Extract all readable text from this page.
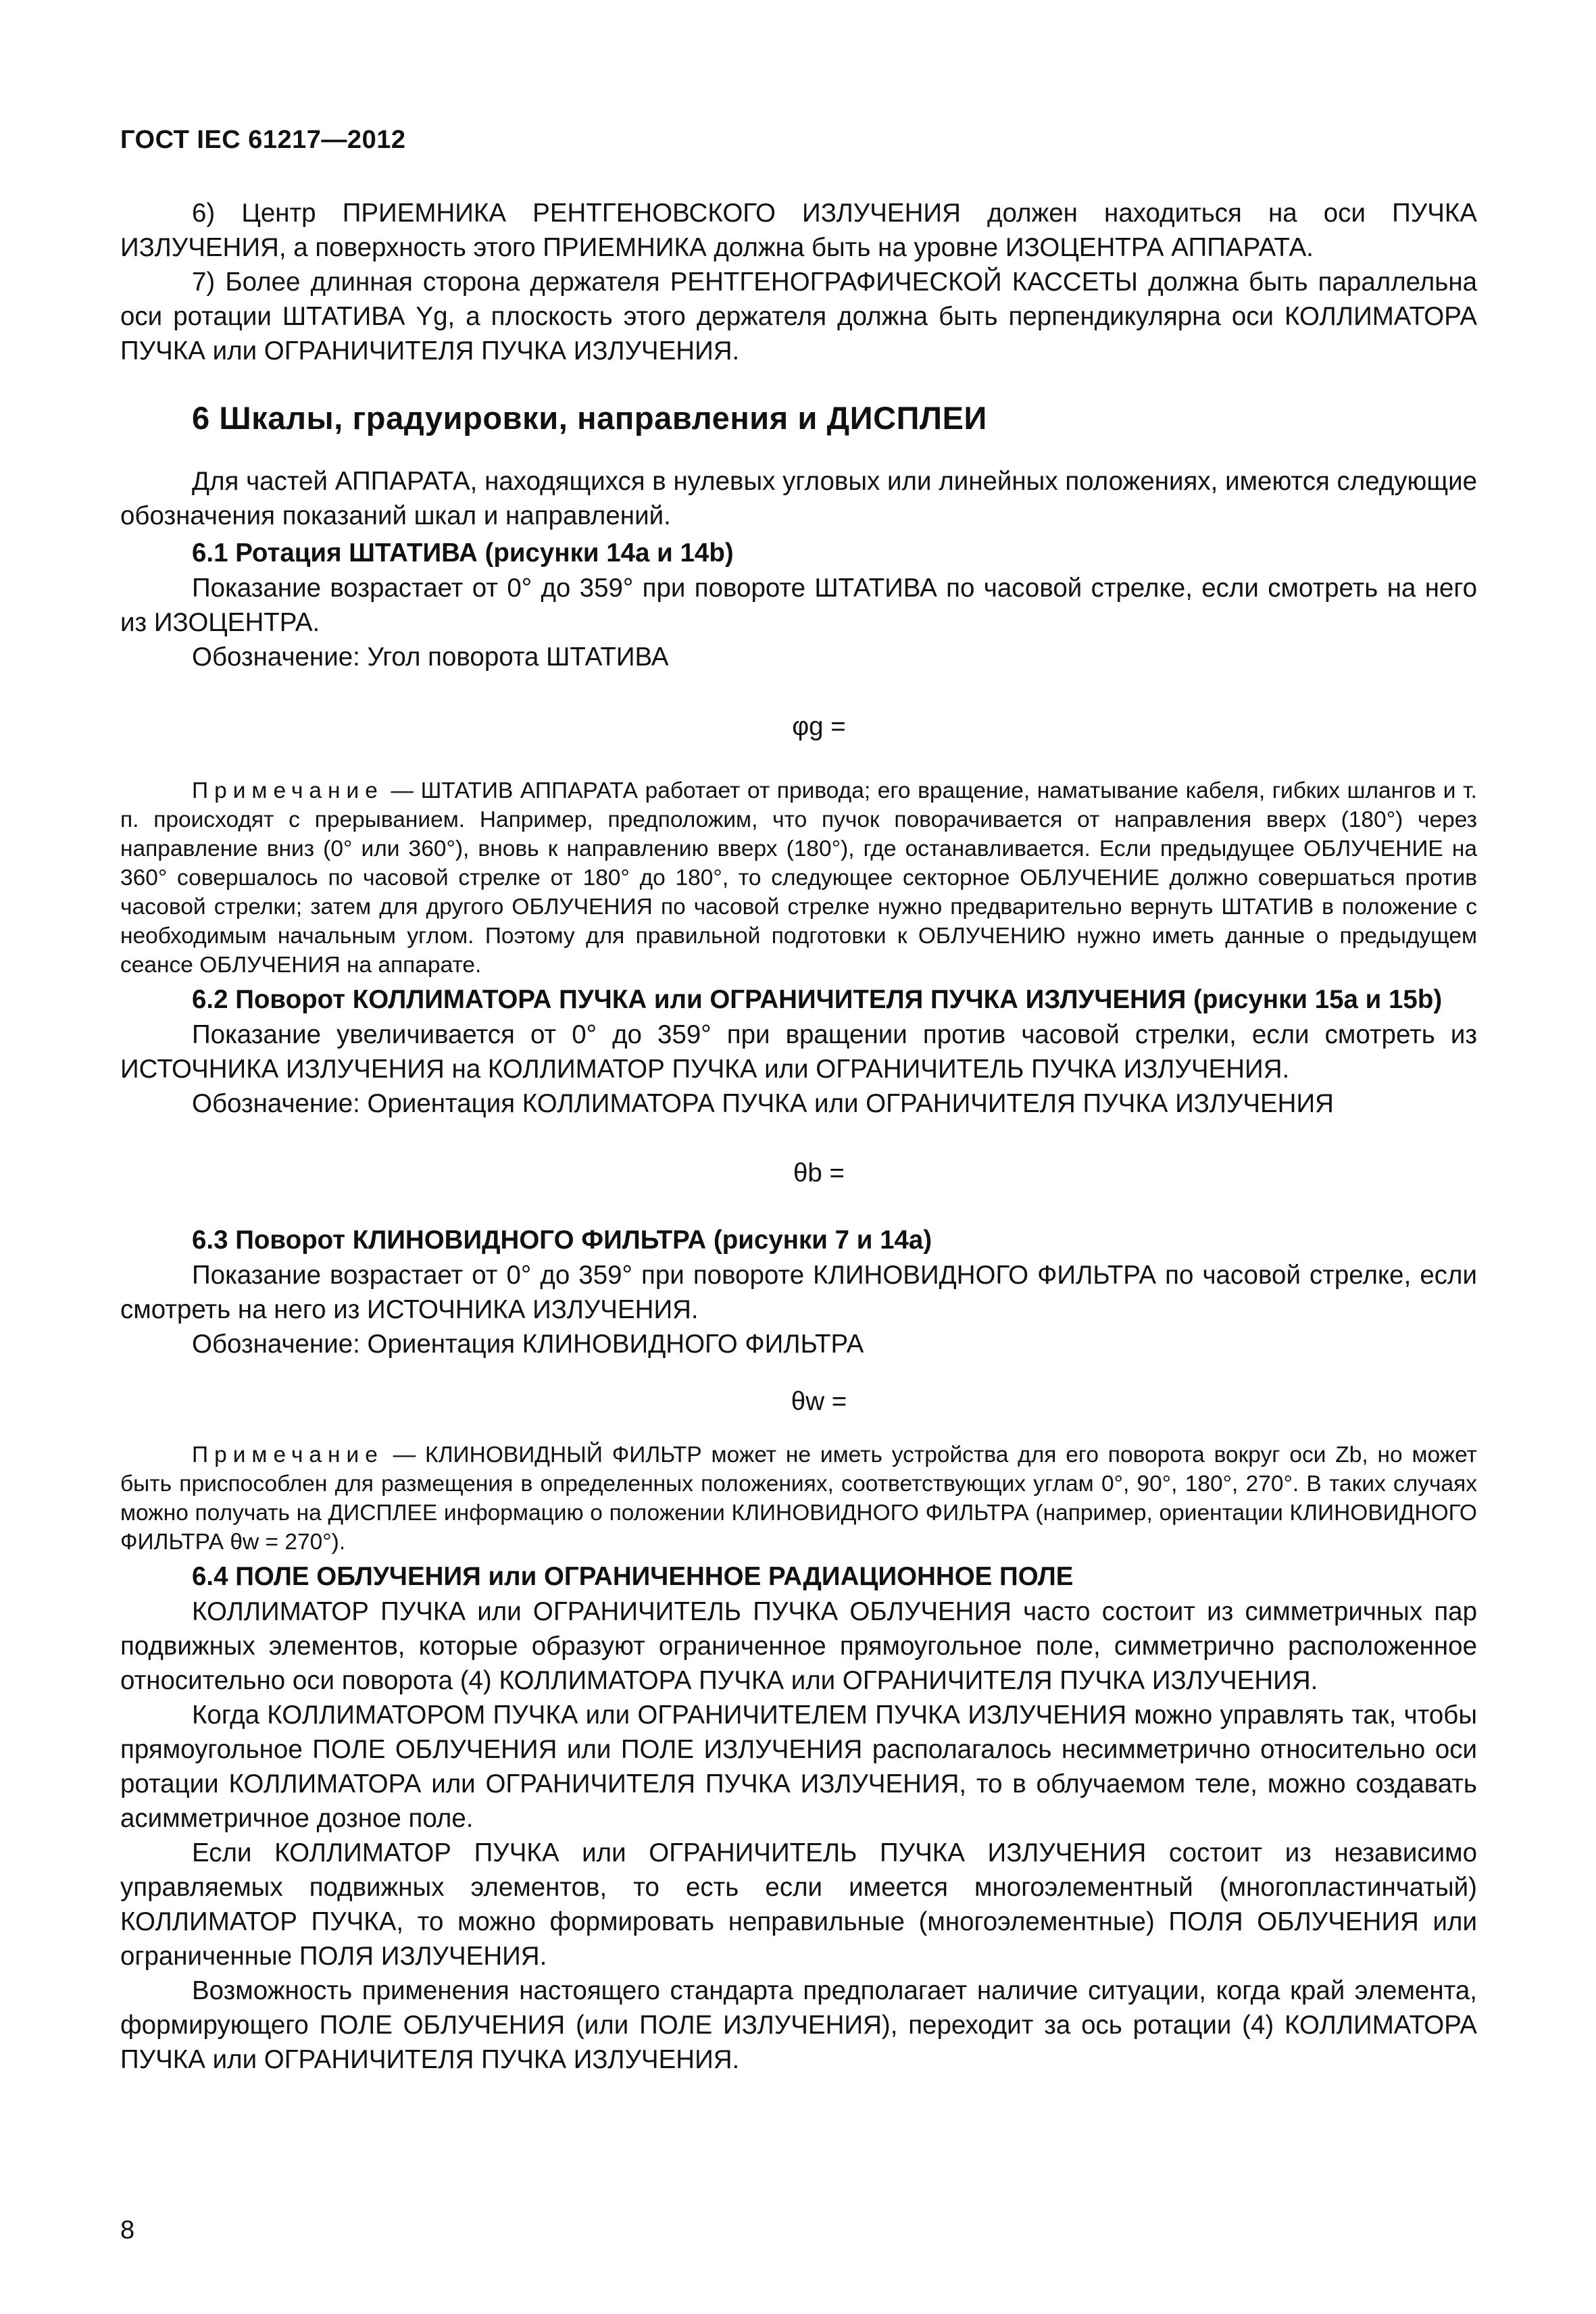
ГОСТ IEC 61217—2012

6) Центр ПРИЕМНИКА РЕНТГЕНОВСКОГО ИЗЛУЧЕНИЯ должен находиться на оси ПУЧКА ИЗЛУЧЕНИЯ, а поверхность этого ПРИЕМНИКА должна быть на уровне ИЗОЦЕНТРА АППАРАТА.

7) Более длинная сторона держателя РЕНТГЕНОГРАФИЧЕСКОЙ КАССЕТЫ должна быть параллельна оси ротации ШТАТИВА Yg, а плоскость этого держателя должна быть перпендикулярна оси КОЛЛИМАТОРА ПУЧКА или ОГРАНИЧИТЕЛЯ ПУЧКА ИЗЛУЧЕНИЯ.

6 Шкалы, градуировки, направления и ДИСПЛЕИ

Для частей АППАРАТА, находящихся в нулевых угловых или линейных положениях, имеются следующие обозначения показаний шкал и направлений.

6.1 Ротация ШТАТИВА (рисунки 14а и 14b)

Показание возрастает от 0° до 359° при повороте ШТАТИВА по часовой стрелке, если смотреть на него из ИЗОЦЕНТРА.

Обозначение: Угол поворота ШТАТИВА

φg =

Примечание — ШТАТИВ АППАРАТА работает от привода; его вращение, наматывание кабеля, гибких шлангов и т. п. происходят с прерыванием. Например, предположим, что пучок поворачивается от направления вверх (180°) через направление вниз (0° или 360°), вновь к направлению вверх (180°), где останавливается. Если предыдущее ОБЛУЧЕНИЕ на 360° совершалось по часовой стрелке от 180° до 180°, то следующее секторное ОБЛУЧЕНИЕ должно совершаться против часовой стрелки; затем для другого ОБЛУЧЕНИЯ по часовой стрелке нужно предварительно вернуть ШТАТИВ в положение с необходимым начальным углом. Поэтому для правильной подготовки к ОБЛУЧЕНИЮ нужно иметь данные о предыдущем сеансе ОБЛУЧЕНИЯ на аппарате.

6.2 Поворот КОЛЛИМАТОРА ПУЧКА или ОГРАНИЧИТЕЛЯ ПУЧКА ИЗЛУЧЕНИЯ (рисунки 15а и 15b)

Показание увеличивается от 0° до 359° при вращении против часовой стрелки, если смотреть из ИСТОЧНИКА ИЗЛУЧЕНИЯ на КОЛЛИМАТОР ПУЧКА или ОГРАНИЧИТЕЛЬ ПУЧКА ИЗЛУЧЕНИЯ.

Обозначение: Ориентация КОЛЛИМАТОРА ПУЧКА или ОГРАНИЧИТЕЛЯ ПУЧКА ИЗЛУЧЕНИЯ

θb =

6.3 Поворот КЛИНОВИДНОГО ФИЛЬТРА (рисунки 7 и 14а)

Показание возрастает от 0° до 359° при повороте КЛИНОВИДНОГО ФИЛЬТРА по часовой стрелке, если смотреть на него из ИСТОЧНИКА ИЗЛУЧЕНИЯ.

Обозначение: Ориентация КЛИНОВИДНОГО ФИЛЬТРА

θw =

Примечание — КЛИНОВИДНЫЙ ФИЛЬТР может не иметь устройства для его поворота вокруг оси Zb, но может быть приспособлен для размещения в определенных положениях, соответствующих углам 0°, 90°, 180°, 270°. В таких случаях можно получать на ДИСПЛЕЕ информацию о положении КЛИНОВИДНОГО ФИЛЬТРА (например, ориентации КЛИНОВИДНОГО ФИЛЬТРА θw = 270°).

6.4 ПОЛЕ ОБЛУЧЕНИЯ или ОГРАНИЧЕННОЕ РАДИАЦИОННОЕ ПОЛЕ

КОЛЛИМАТОР ПУЧКА или ОГРАНИЧИТЕЛЬ ПУЧКА ОБЛУЧЕНИЯ часто состоит из симметричных пар подвижных элементов, которые образуют ограниченное прямоугольное поле, симметрично расположенное относительно оси поворота (4) КОЛЛИМАТОРА ПУЧКА или ОГРАНИЧИТЕЛЯ ПУЧКА ИЗЛУЧЕНИЯ.

Когда КОЛЛИМАТОРОМ ПУЧКА или ОГРАНИЧИТЕЛЕМ ПУЧКА ИЗЛУЧЕНИЯ можно управлять так, чтобы прямоугольное ПОЛЕ ОБЛУЧЕНИЯ или ПОЛЕ ИЗЛУЧЕНИЯ располагалось несимметрично относительно оси ротации КОЛЛИМАТОРА или ОГРАНИЧИТЕЛЯ ПУЧКА ИЗЛУЧЕНИЯ, то в облучаемом теле, можно создавать асимметричное дозное поле.

Если КОЛЛИМАТОР ПУЧКА или ОГРАНИЧИТЕЛЬ ПУЧКА ИЗЛУЧЕНИЯ состоит из независимо управляемых подвижных элементов, то есть если имеется многоэлементный (многопластинчатый) КОЛЛИМАТОР ПУЧКА, то можно формировать неправильные (многоэлементные) ПОЛЯ ОБЛУЧЕНИЯ или ограниченные ПОЛЯ ИЗЛУЧЕНИЯ.

Возможность применения настоящего стандарта предполагает наличие ситуации, когда край элемента, формирующего ПОЛЕ ОБЛУЧЕНИЯ (или ПОЛЕ ИЗЛУЧЕНИЯ), переходит за ось ротации (4) КОЛЛИМАТОРА ПУЧКА или ОГРАНИЧИТЕЛЯ ПУЧКА ИЗЛУЧЕНИЯ.

8
